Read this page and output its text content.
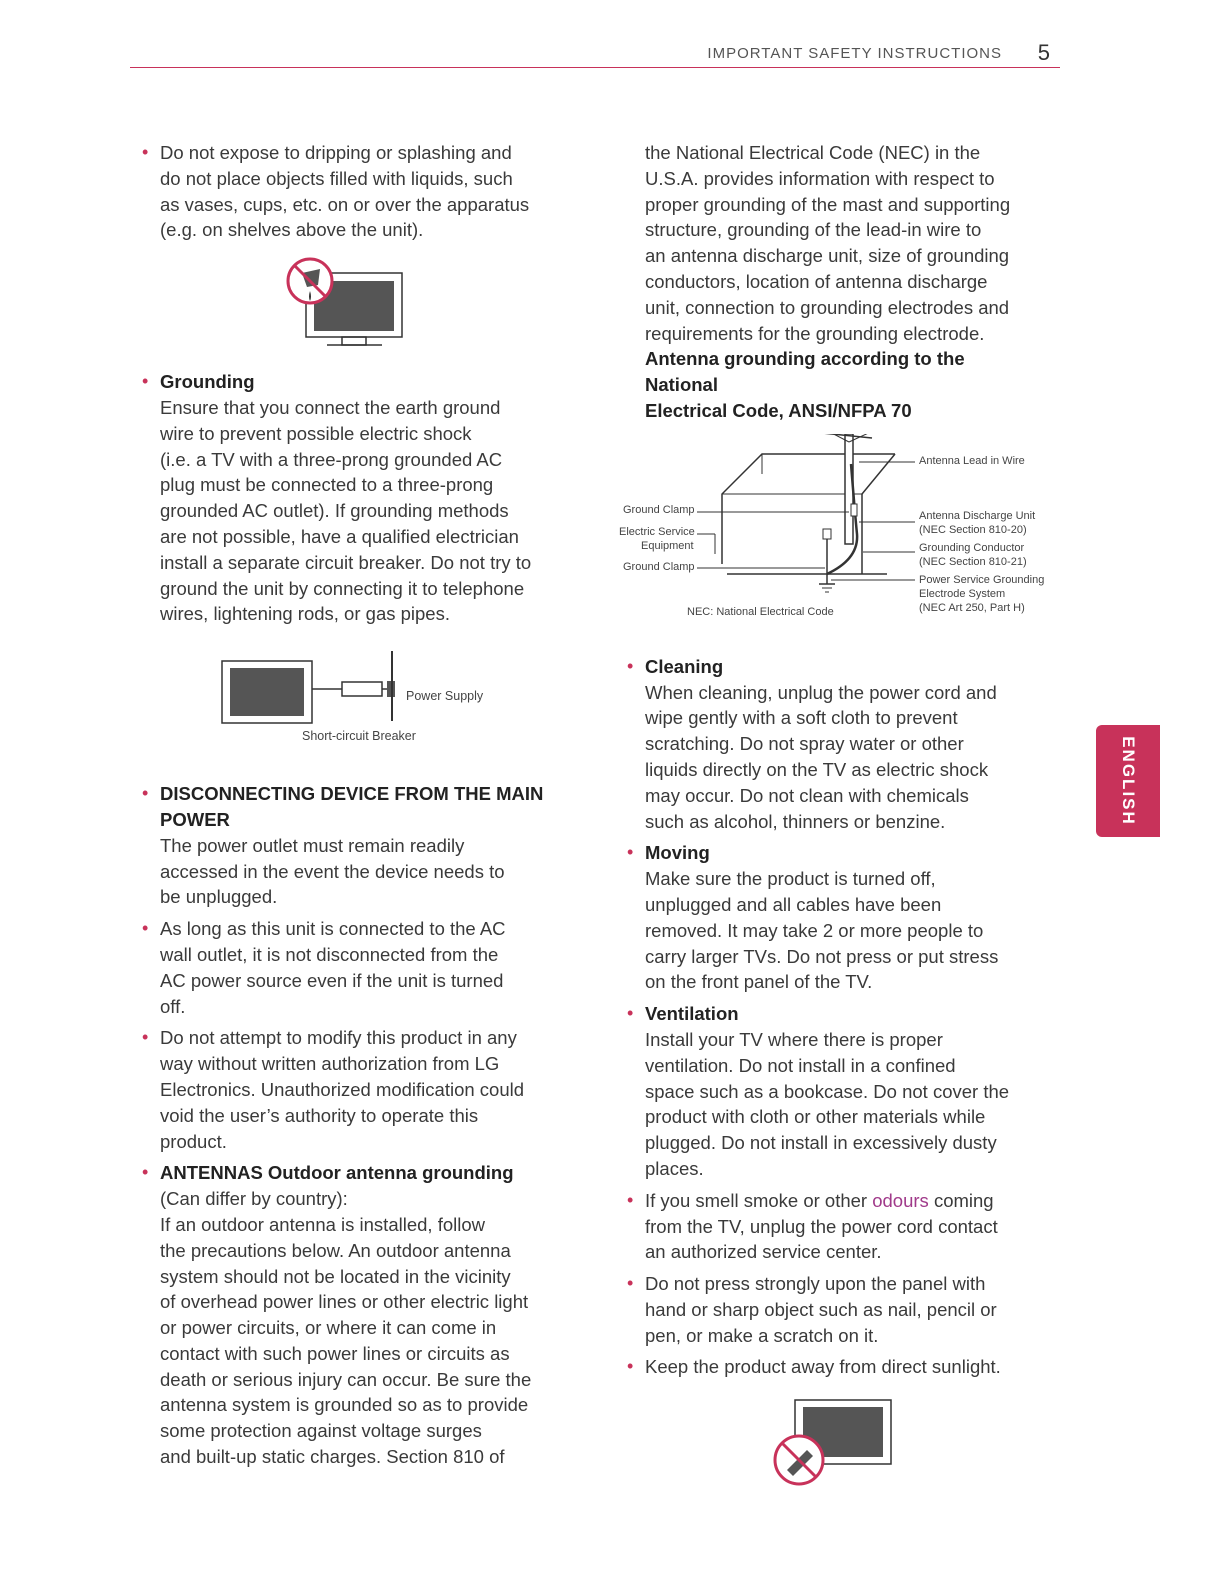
IMPORTANT SAFETY INSTRUCTIONS 5
ENGLISH
• Do not expose to dripping or splashing and
do not place objects filled with liquids, such
as vases, cups, etc. on or over the apparatus
(e.g. on shelves above the unit).
• Grounding
Ensure that you connect the earth ground
wire to prevent possible electric shock
(i.e. a TV with a three-prong grounded AC
plug must be connected to a three-prong
grounded AC outlet). If grounding methods
are not possible, have a qualified electrician
install a separate circuit breaker. Do not try to
ground the unit by connecting it to telephone
wires, lightening rods, or gas pipes.
Power Supply
Short-circuit Breaker
• DISCONNECTING DEVICE FROM THE MAIN
POWER
The power outlet must remain readily
accessed in the event the device needs to
be unplugged.
• As long as this unit is connected to the AC
wall outlet, it is not disconnected from the
AC power source even if the unit is turned
off.
• Do not attempt to modify this product in any
way without written authorization from LG
Electronics. Unauthorized modification could
void the user’s authority to operate this
product.
• ANTENNAS Outdoor antenna grounding
(Can differ by country):
If an outdoor antenna is installed, follow
the precautions below. An outdoor antenna
system should not be located in the vicinity
of overhead power lines or other electric light
or power circuits, or where it can come in
contact with such power lines or circuits as
death or serious injury can occur. Be sure the
antenna system is grounded so as to provide
some protection against voltage surges
and built-up static charges. Section 810 of
the National Electrical Code (NEC) in the
U.S.A. provides information with respect to
proper grounding of the mast and supporting
structure, grounding of the lead-in wire to
an antenna discharge unit, size of grounding
conductors, location of antenna discharge
unit, connection to grounding electrodes and
requirements for the grounding electrode.
Antenna grounding according to the National
Electrical Code, ANSI/NFPA 70
Antenna Lead in Wire
Ground Clamp
Electric Service
Equipment
Ground Clamp
Antenna Discharge Unit
(NEC Section 810-20)
Grounding Conductor
(NEC Section 810-21)
Power Service Grounding
Electrode System
(NEC Art 250, Part H)
NEC: National Electrical Code
• Cleaning
When cleaning, unplug the power cord and
wipe gently with a soft cloth to prevent
scratching. Do not spray water or other
liquids directly on the TV as electric shock
may occur. Do not clean with chemicals
such as alcohol, thinners or benzine.
• Moving
Make sure the product is turned off,
unplugged and all cables have been
removed. It may take 2 or more people to
carry larger TVs. Do not press or put stress
on the front panel of the TV.
• Ventilation
Install your TV where there is proper
ventilation. Do not install in a confined
space such as a bookcase. Do not cover the
product with cloth or other materials while
plugged. Do not install in excessively dusty
places.
• If you smell smoke or other odours coming
from the TV, unplug the power cord contact
an authorized service center.
• Do not press strongly upon the panel with
hand or sharp object such as nail, pencil or
pen, or make a scratch on it.
• Keep the product away from direct sunlight.
